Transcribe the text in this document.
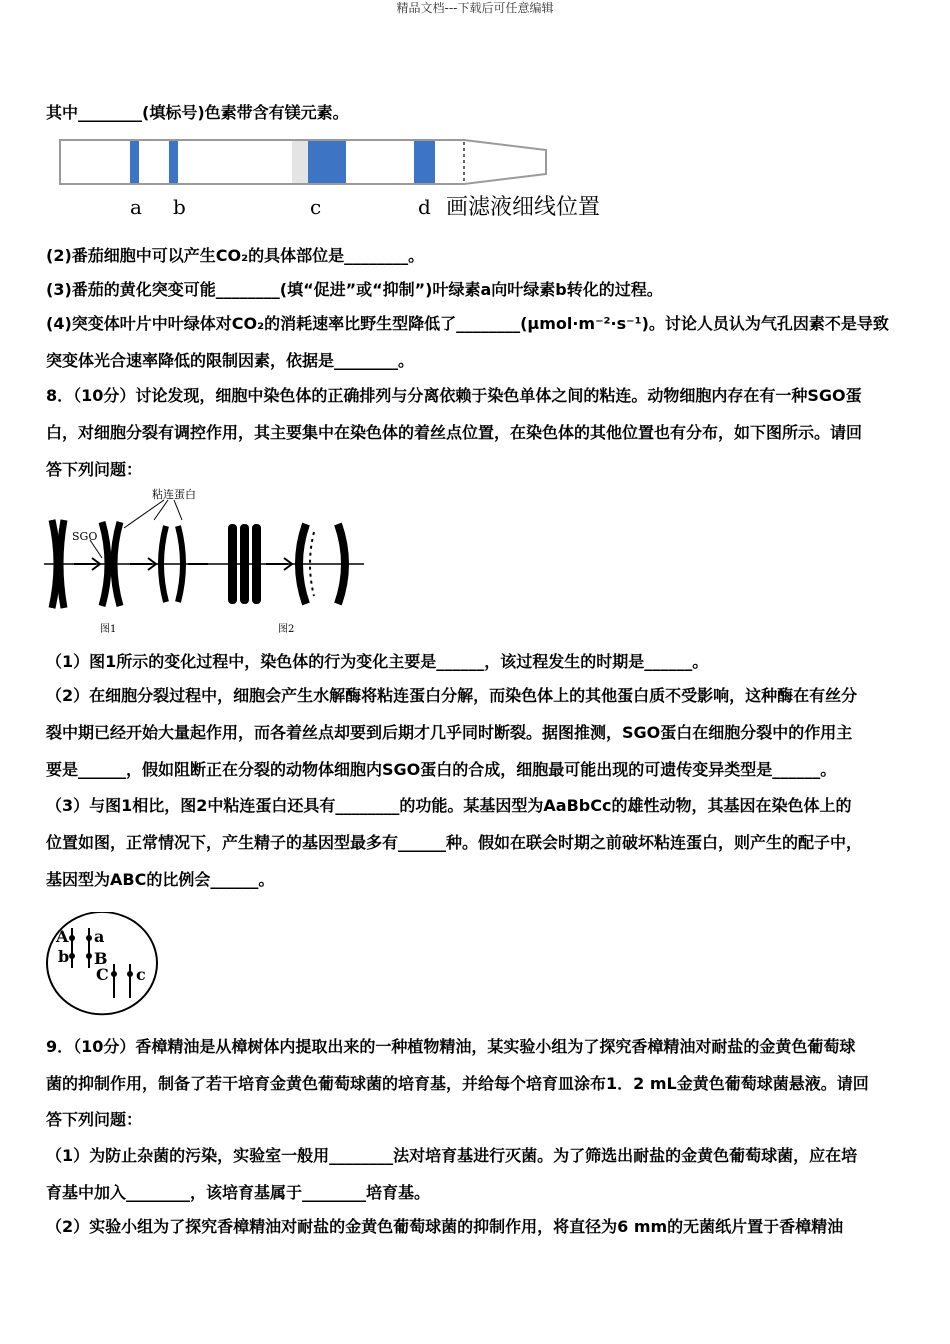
精品文档---下载后可任意编辑
其中________(填标号)色素带含有镁元素。
a b	c	d 画滤液细线位置
(2)番茄细胞中可以产生CO₂的具体部位是________。
(3)番茄的黄化突变可能________(填“促进”或“抑制”)叶绿素a向叶绿素b转化的过程。
(4)突变体叶片中叶绿体对CO₂的消耗速率比野生型降低了________(μmol·m⁻²·s⁻¹)。讨论人员认为气孔因素不是导致
突变体光合速率降低的限制因素，依据是________。
8．（10分）讨论发现，细胞中染色体的正确排列与分离依赖于染色单体之间的粘连。动物细胞内存在有一种SGO蛋
白，对细胞分裂有调控作用，其主要集中在染色体的着丝点位置，在染色体的其他位置也有分布，如下图所示。请回
答下列问题：
粘连蛋白
SGO
图1	图2
（1）图1所示的变化过程中，染色体的行为变化主要是______，该过程发生的时期是______。
（2）在细胞分裂过程中，细胞会产生水解酶将粘连蛋白分解，而染色体上的其他蛋白质不受影响，这种酶在有丝分
裂中期已经开始大量起作用，而各着丝点却要到后期才几乎同时断裂。据图推测，SGO蛋白在细胞分裂中的作用主
要是______，假如阻断正在分裂的动物体细胞内SGO蛋白的合成，细胞最可能出现的可遗传变异类型是______。
（3）与图1相比，图2中粘连蛋白还具有________的功能。某基因型为AaBbCc的雄性动物，其基因在染色体上的
位置如图，正常情况下，产生精子的基因型最多有______种。假如在联会时期之前破坏粘连蛋白，则产生的配子中，
基因型为ABC的比例会______。
A a
b B
C c
9．（10分）香樟精油是从樟树体内提取出来的一种植物精油，某实验小组为了探究香樟精油对耐盐的金黄色葡萄球
菌的抑制作用，制备了若干培育金黄色葡萄球菌的培育基，并给每个培育皿涂布1．2 mL金黄色葡萄球菌悬液。请回
答下列问题：
（1）为防止杂菌的污染，实验室一般用________法对培育基进行灭菌。为了筛选出耐盐的金黄色葡萄球菌，应在培
育基中加入________，该培育基属于________培育基。
（2）实验小组为了探究香樟精油对耐盐的金黄色葡萄球菌的抑制作用，将直径为6 mm的无菌纸片置于香樟精油
